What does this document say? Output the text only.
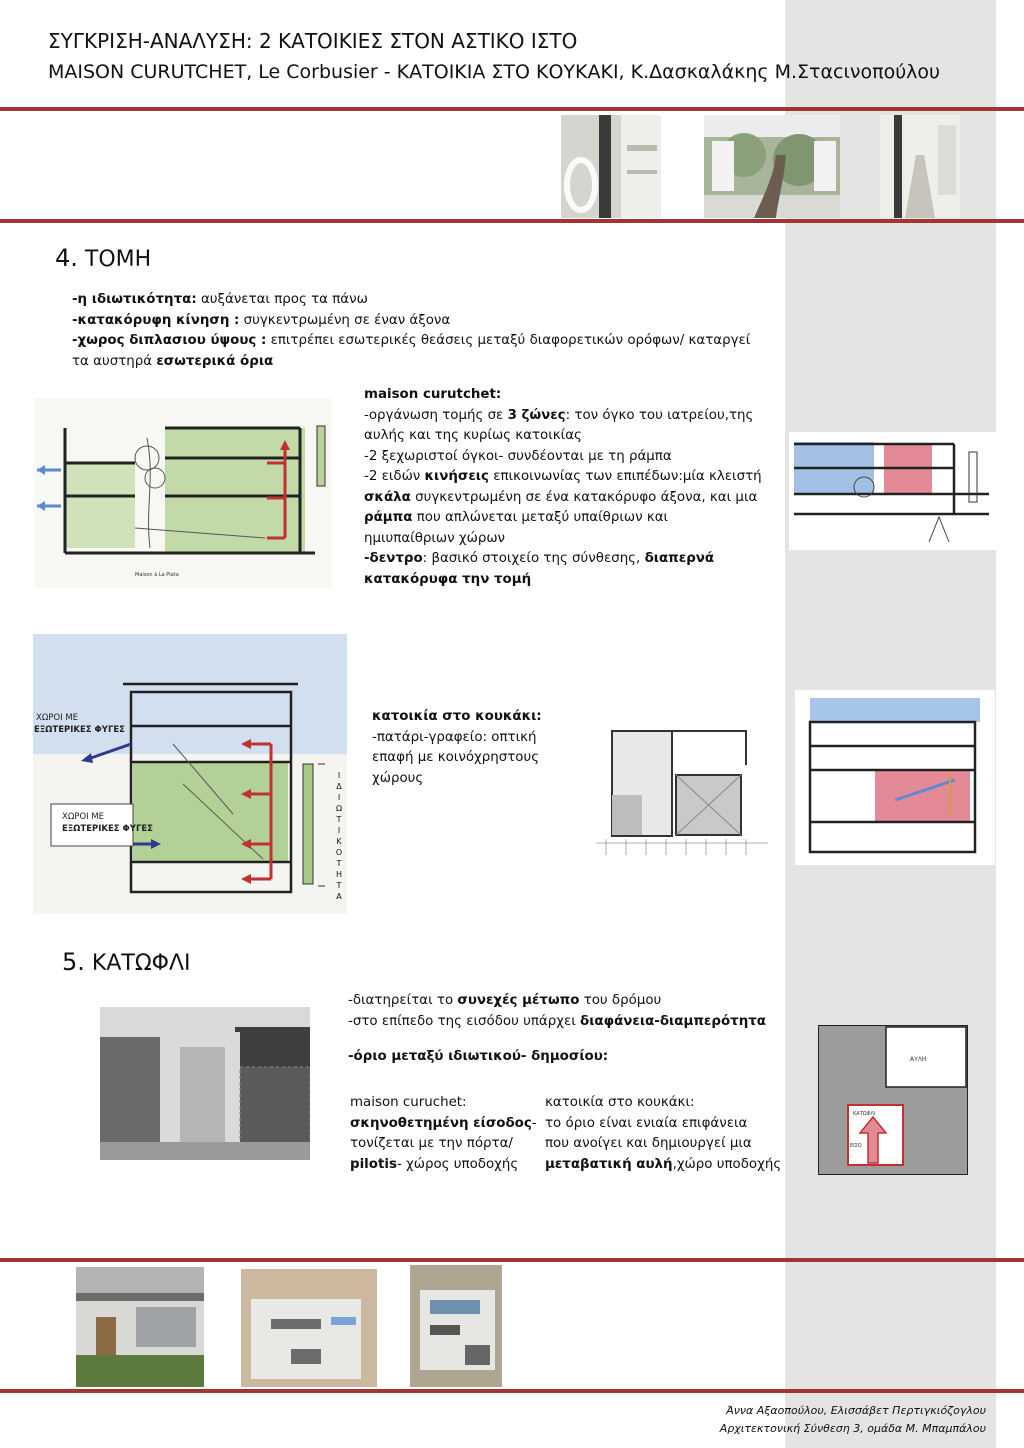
ΣΥΓΚΡΙΣΗ-ΑΝΑΛΥΣΗ: 2 ΚΑΤΟΙΚΙΕΣ ΣΤΟΝ ΑΣΤΙΚΟ ΙΣΤΟ
MAISON CURUTCHET, Le Corbusier - ΚΑΤΟΙΚΙΑ ΣΤΟ ΚΟΥΚΑΚΙ, Κ.Δασκαλάκης Μ.Σταcινοπούλου
4. ΤΟΜΗ
-η ιδιωτικότητα: αυξάνεται προς τα πάνω
-κατακόρυφη κίνηση : συγκεντρωμένη σε έναν άξονα
-χωρος διπλασιου ύψους : επιτρέπει εσωτερικές θεάσεις μεταξύ διαφορετικών ορόφων/ καταργεί
τα αυστηρά εσωτερικά όρια
Maison à La Plata
maison curutchet:
-οργάνωση τομής σε 3 ζώνες: τον όγκο του ιατρείου,της
αυλής και της κυρίως κατοικίας
-2 ξεχωριστοί όγκοι- συνδέονται με τη ράμπα
-2 ειδών κινήσεις επικοινωνίας των επιπέδων:μία κλειστή
σκάλα συγκεντρωμένη σε ένα κατακόρυφο άξονα, και μια
ράμπα που απλώνεται μεταξύ υπαίθριων και
ημιυπαίθριων χώρων
-δεντρο: βασικό στοιχείο της σύνθεσης, διαπερνά
κατακόρυφα την τομή
ΧΩΡΟΙ ΜΕ
ΕΞΩΤΕΡΙΚΕΣ ΦΥΓΕΣ
ΧΩΡΟΙ ΜΕ
ΕΞΩΤΕΡΙΚΕΣ ΦΥΓΕΣ
Ι
Δ
Ι
Ω
Τ
Ι
Κ
Ο
Τ
Η
Τ
Α
κατοικία στο κουκάκι:
-πατάρι-γραφείο: οπτική
επαφή με κοινόχρηστους
χώρους
5. ΚΑΤΩΦΛΙ
-διατηρείται το συνεχές μέτωπο του δρόμου
-στο επίπεδο της εισόδου υπάρχει διαφάνεια-διαμπερότητα
-όριο μεταξύ ιδιωτικού- δημοσίου:
maison curuchet:
σκηνοθετημένη είσοδος-
τονίζεται με την πόρτα/
pilotis- χώρος υποδοχής
κατοικία στο κουκάκι:
το όριο είναι ενιαία επιφάνεια
που ανοίγει και δημιουργεί μια
μεταβατική αυλή,χώρο υποδοχής
ΑΥΛΗ
ΚΑΤΩΦΛΙ
ΕΙΣΟ
Άννα Αξαοπούλου, Ελισσάβετ Περτιγκιόζογλου
Αρχιτεκτονική Σύνθεση 3, ομάδα Μ. Μπαμπάλου
